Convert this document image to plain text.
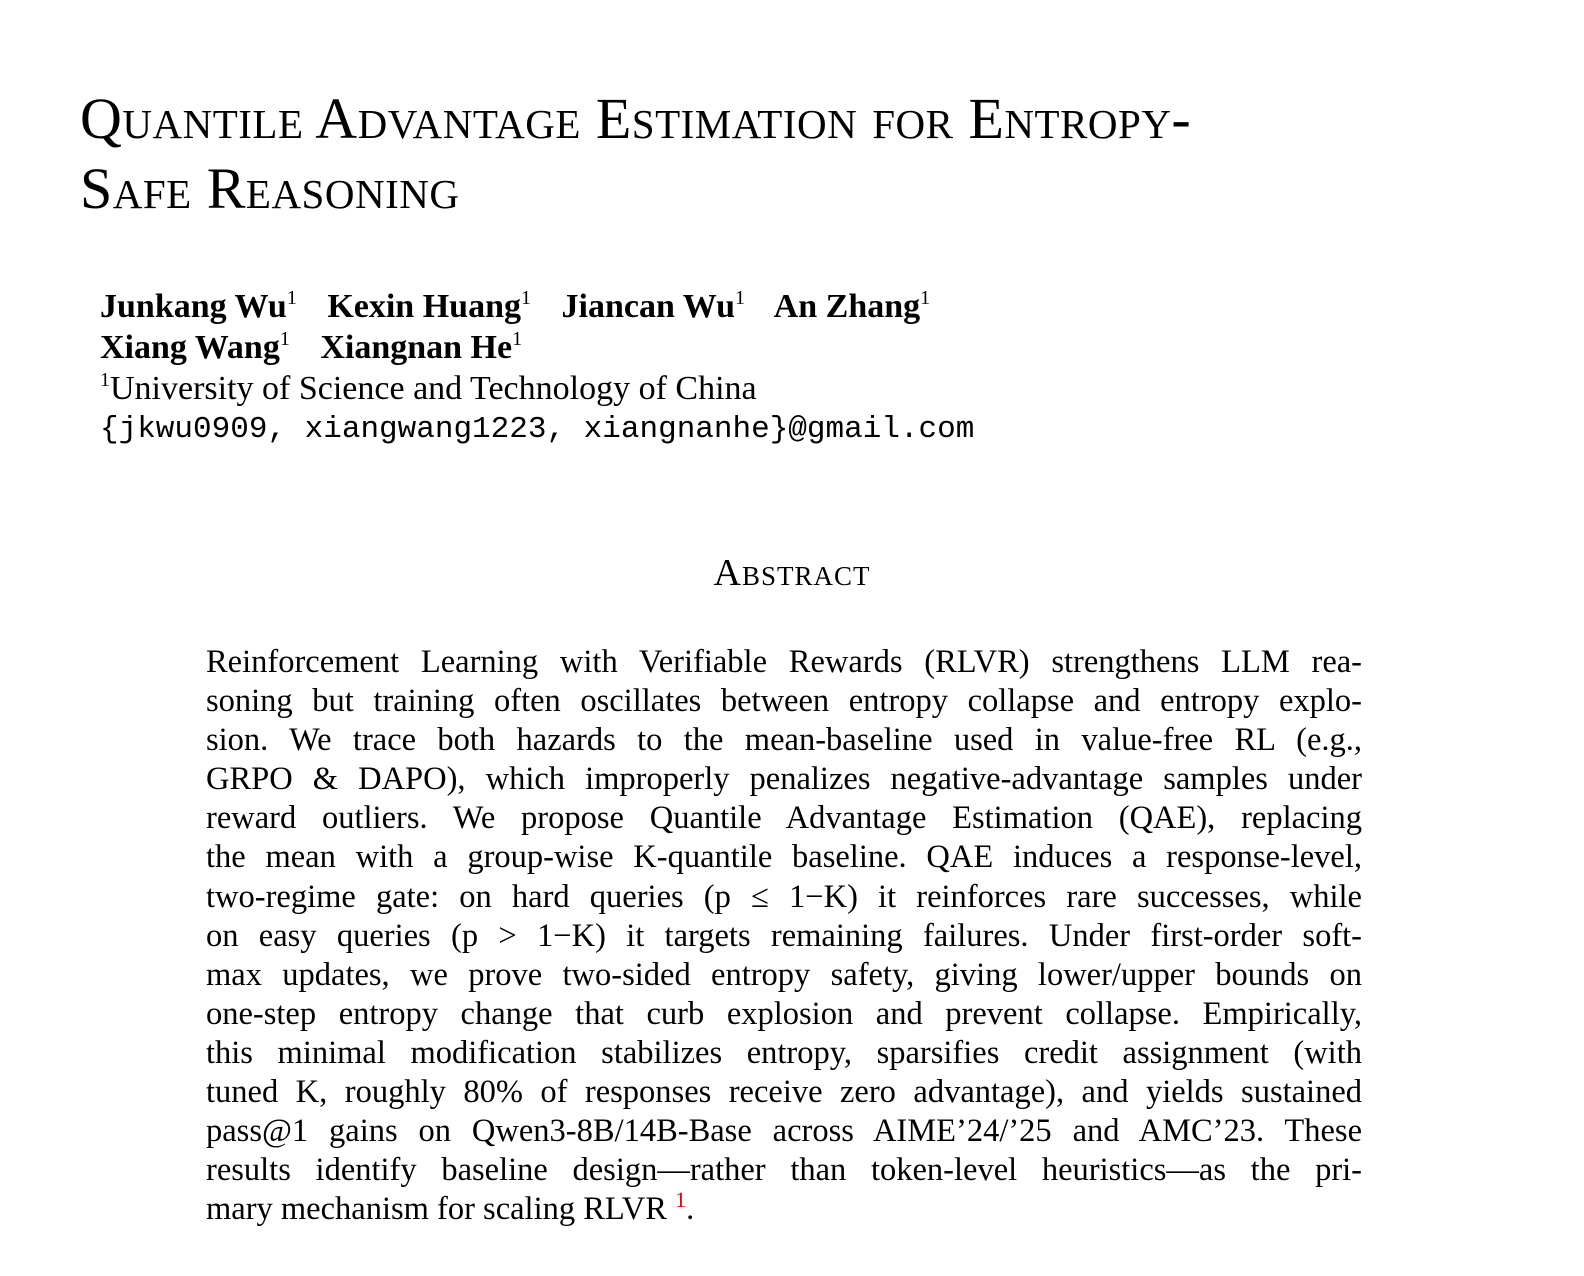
Quantile Advantage Estimation for Entropy-
Safe Reasoning
Junkang Wu$^1$ Kexin Huang$^1$ Jiancan Wu$^1$ An Zhang$^1$
Xiang Wang$^1$ Xiangnan He$^1$
$^1$University of Science and Technology of China
{jkwu0909, xiangwang1223, xiangnanhe}@gmail.com
Abstract
Reinforcement Learning with Verifiable Rewards (RLVR) strengthens LLM rea-
soning but training often oscillates between entropy collapse and entropy explo-
sion. We trace both hazards to the mean-baseline used in value-free RL (e.g.,
GRPO & DAPO), which improperly penalizes negative-advantage samples under
reward outliers. We propose Quantile Advantage Estimation (QAE), replacing
the mean with a group-wise K-quantile baseline. QAE induces a response-level,
two-regime gate: on hard queries (p ≤ 1−K) it reinforces rare successes, while
on easy queries (p > 1−K) it targets remaining failures. Under first-order soft-
max updates, we prove two-sided entropy safety, giving lower/upper bounds on
one-step entropy change that curb explosion and prevent collapse. Empirically,
this minimal modification stabilizes entropy, sparsifies credit assignment (with
tuned K, roughly 80% of responses receive zero advantage), and yields sustained
pass@1 gains on Qwen3-8B/14B-Base across AIME’24/’25 and AMC’23. These
results identify baseline design—rather than token-level heuristics—as the pri-
mary mechanism for scaling RLVR $^1$.
